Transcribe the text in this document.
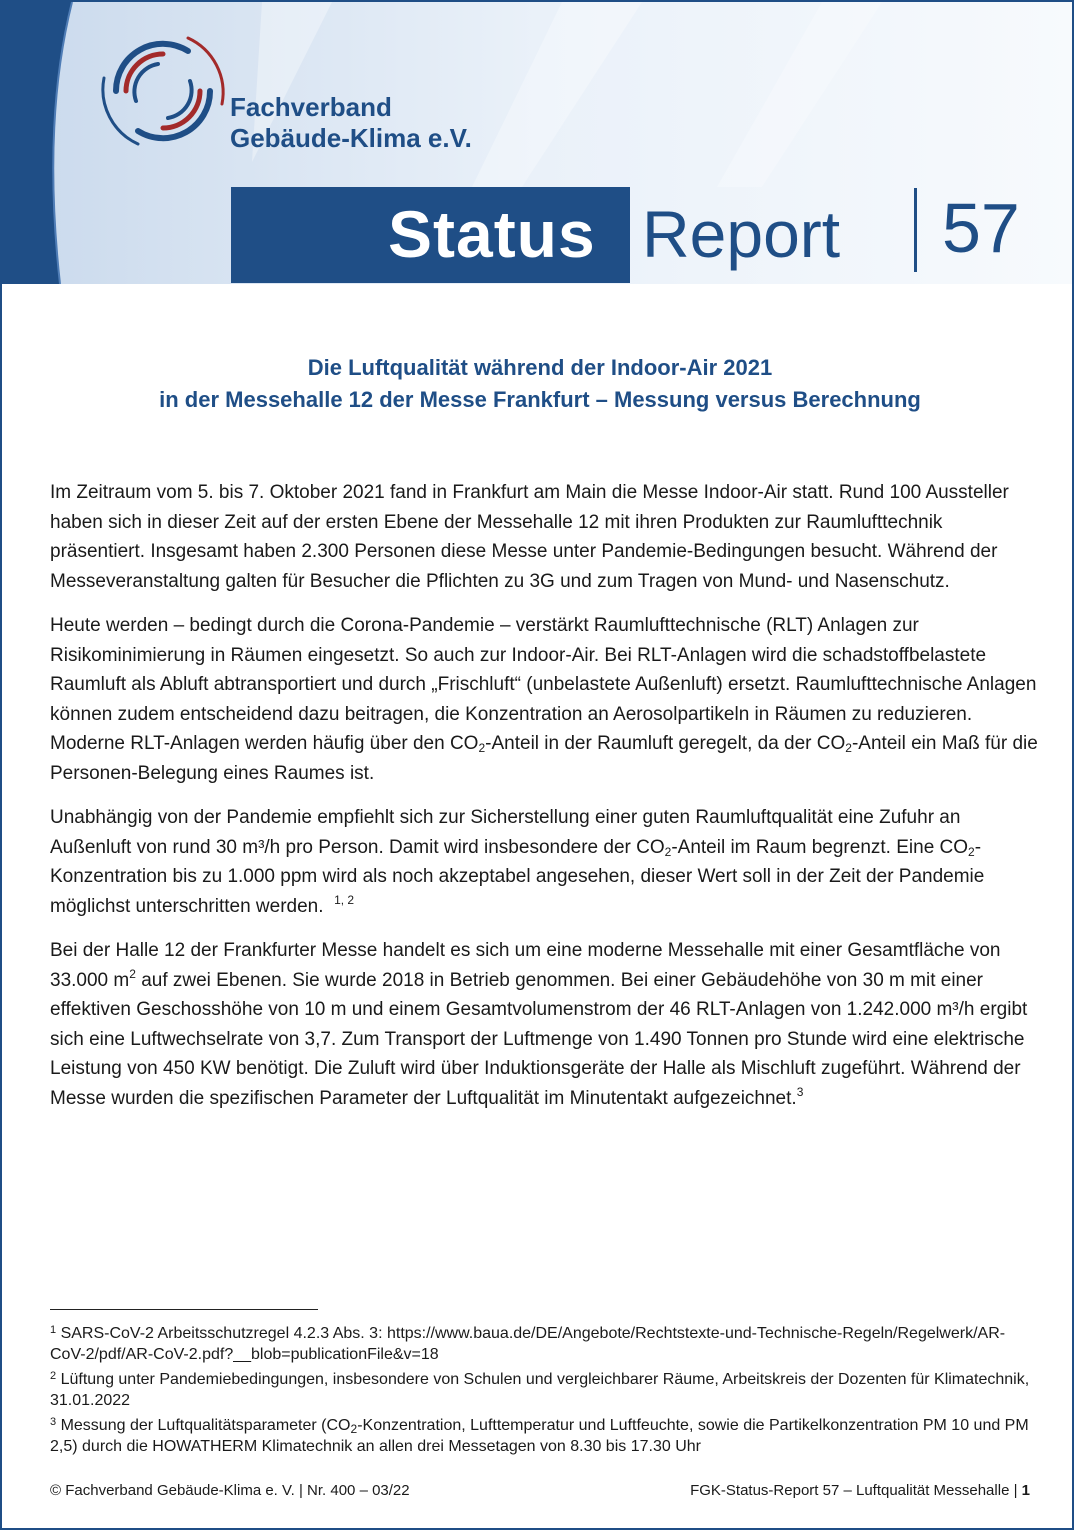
Fachverband
Gebäude-Klima e.V.
Status Report 57
Die Luftqualität während der Indoor-Air 2021
in der Messehalle 12 der Messe Frankfurt – Messung versus Berechnung

Im Zeitraum vom 5. bis 7. Oktober 2021 fand in Frankfurt am Main die Messe Indoor-Air statt. Rund 100 Aussteller haben sich in dieser Zeit auf der ersten Ebene der Messehalle 12 mit ihren Produkten zur Raumlufttechnik präsentiert. Insgesamt haben 2.300 Personen diese Messe unter Pandemie-Bedingungen besucht. Während der Messeveranstaltung galten für Besucher die Pflichten zu 3G und zum Tragen von Mund- und Nasenschutz.

Heute werden – bedingt durch die Corona-Pandemie – verstärkt Raumlufttechnische (RLT) Anlagen zur Risikominimierung in Räumen eingesetzt. So auch zur Indoor-Air. Bei RLT-Anlagen wird die schadstoffbelastete Raumluft als Abluft abtransportiert und durch „Frischluft“ (unbelastete Außenluft) ersetzt. Raumlufttechnische Anlagen können zudem entscheidend dazu beitragen, die Konzentration an Aerosolpartikeln in Räumen zu reduzieren. Moderne RLT-Anlagen werden häufig über den $CO_2$-Anteil in der Raumluft geregelt, da der $CO_2$-Anteil ein Maß für die Personen-Belegung eines Raumes ist.

Unabhängig von der Pandemie empfiehlt sich zur Sicherstellung einer guten Raumluftqualität eine Zufuhr an Außenluft von rund 30 m³/h pro Person. Damit wird insbesondere der $CO_2$-Anteil im Raum begrenzt. Eine $CO_2$-Konzentration bis zu 1.000 ppm wird als noch akzeptabel angesehen, dieser Wert soll in der Zeit der Pandemie möglichst unterschritten werden. $^{1, 2}$

Bei der Halle 12 der Frankfurter Messe handelt es sich um eine moderne Messehalle mit einer Gesamtfläche von 33.000 $m^2$ auf zwei Ebenen. Sie wurde 2018 in Betrieb genommen. Bei einer Gebäudehöhe von 30 m mit einer effektiven Geschosshöhe von 10 m und einem Gesamtvolumenstrom der 46 RLT-Anlagen von 1.242.000 m³/h ergibt sich eine Luftwechselrate von 3,7. Zum Transport der Luftmenge von 1.490 Tonnen pro Stunde wird eine elektrische Leistung von 450 KW benötigt. Die Zuluft wird über Induktionsgeräte der Halle als Mischluft zugeführt. Während der Messe wurden die spezifischen Parameter der Luftqualität im Minutentakt aufgezeichnet.$^3$

$^1$ SARS-CoV-2 Arbeitsschutzregel 4.2.3 Abs. 3: https://www.baua.de/DE/Angebote/Rechtstexte-und-Technische-Regeln/Regelwerk/AR-CoV-2/pdf/AR-CoV-2.pdf?__blob=publicationFile&v=18
$^2$ Lüftung unter Pandemiebedingungen, insbesondere von Schulen und vergleichbarer Räume, Arbeitskreis der Dozenten für Klimatechnik, 31.01.2022
$^3$ Messung der Luftqualitätsparameter ($CO_2$-Konzentration, Lufttemperatur und Luftfeuchte, sowie die Partikelkonzentration PM 10 und PM 2,5) durch die HOWATHERM Klimatechnik an allen drei Messetagen von 8.30 bis 17.30 Uhr
© Fachverband Gebäude-Klima e. V. | Nr. 400 – 03/22	FGK-Status-Report 57 – Luftqualität Messehalle | 1
